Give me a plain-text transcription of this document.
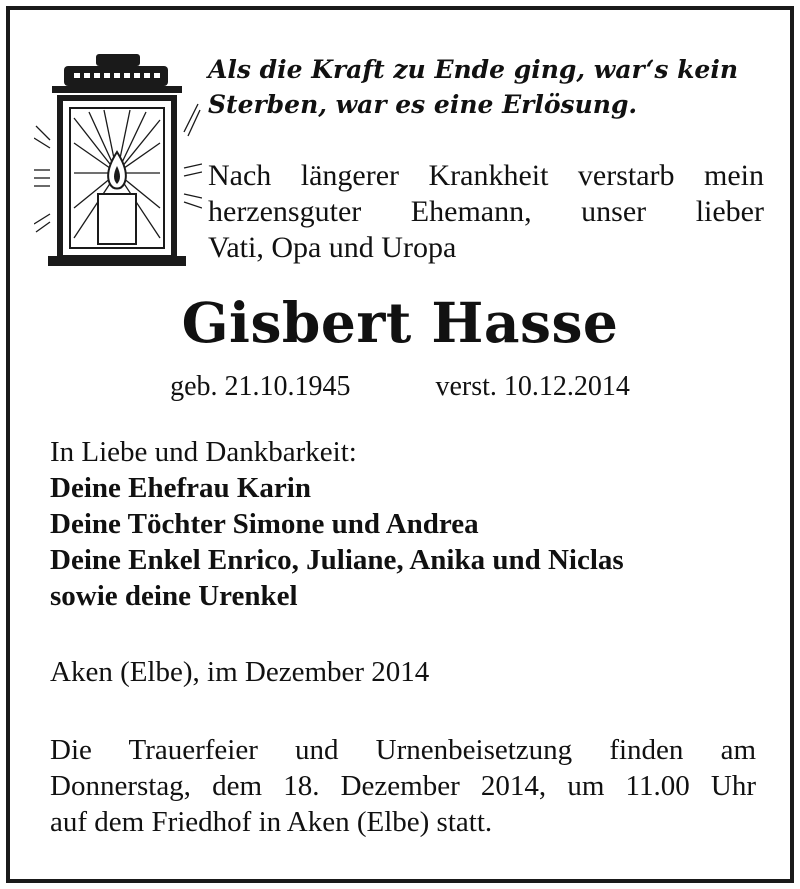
Als die Kraft zu Ende ging, war‘s kein
Sterben, war es eine Erlösung.

Nach längerer Krankheit verstarb mein
herzensguter Ehemann, unser lieber
Vati, Opa und Uropa

Gisbert Hasse
geb. 21.10.1945	verst. 10.12.2014
In Liebe und Dankbarkeit:
Deine Ehefrau Karin
Deine Töchter Simone und Andrea
Deine Enkel Enrico, Juliane, Anika und Niclas
sowie deine Urenkel
Aken (Elbe), im Dezember 2014
Die Trauerfeier und Urnenbeisetzung finden am
Donnerstag, dem 18. Dezember 2014, um 11.00 Uhr
auf dem Friedhof in Aken (Elbe) statt.
